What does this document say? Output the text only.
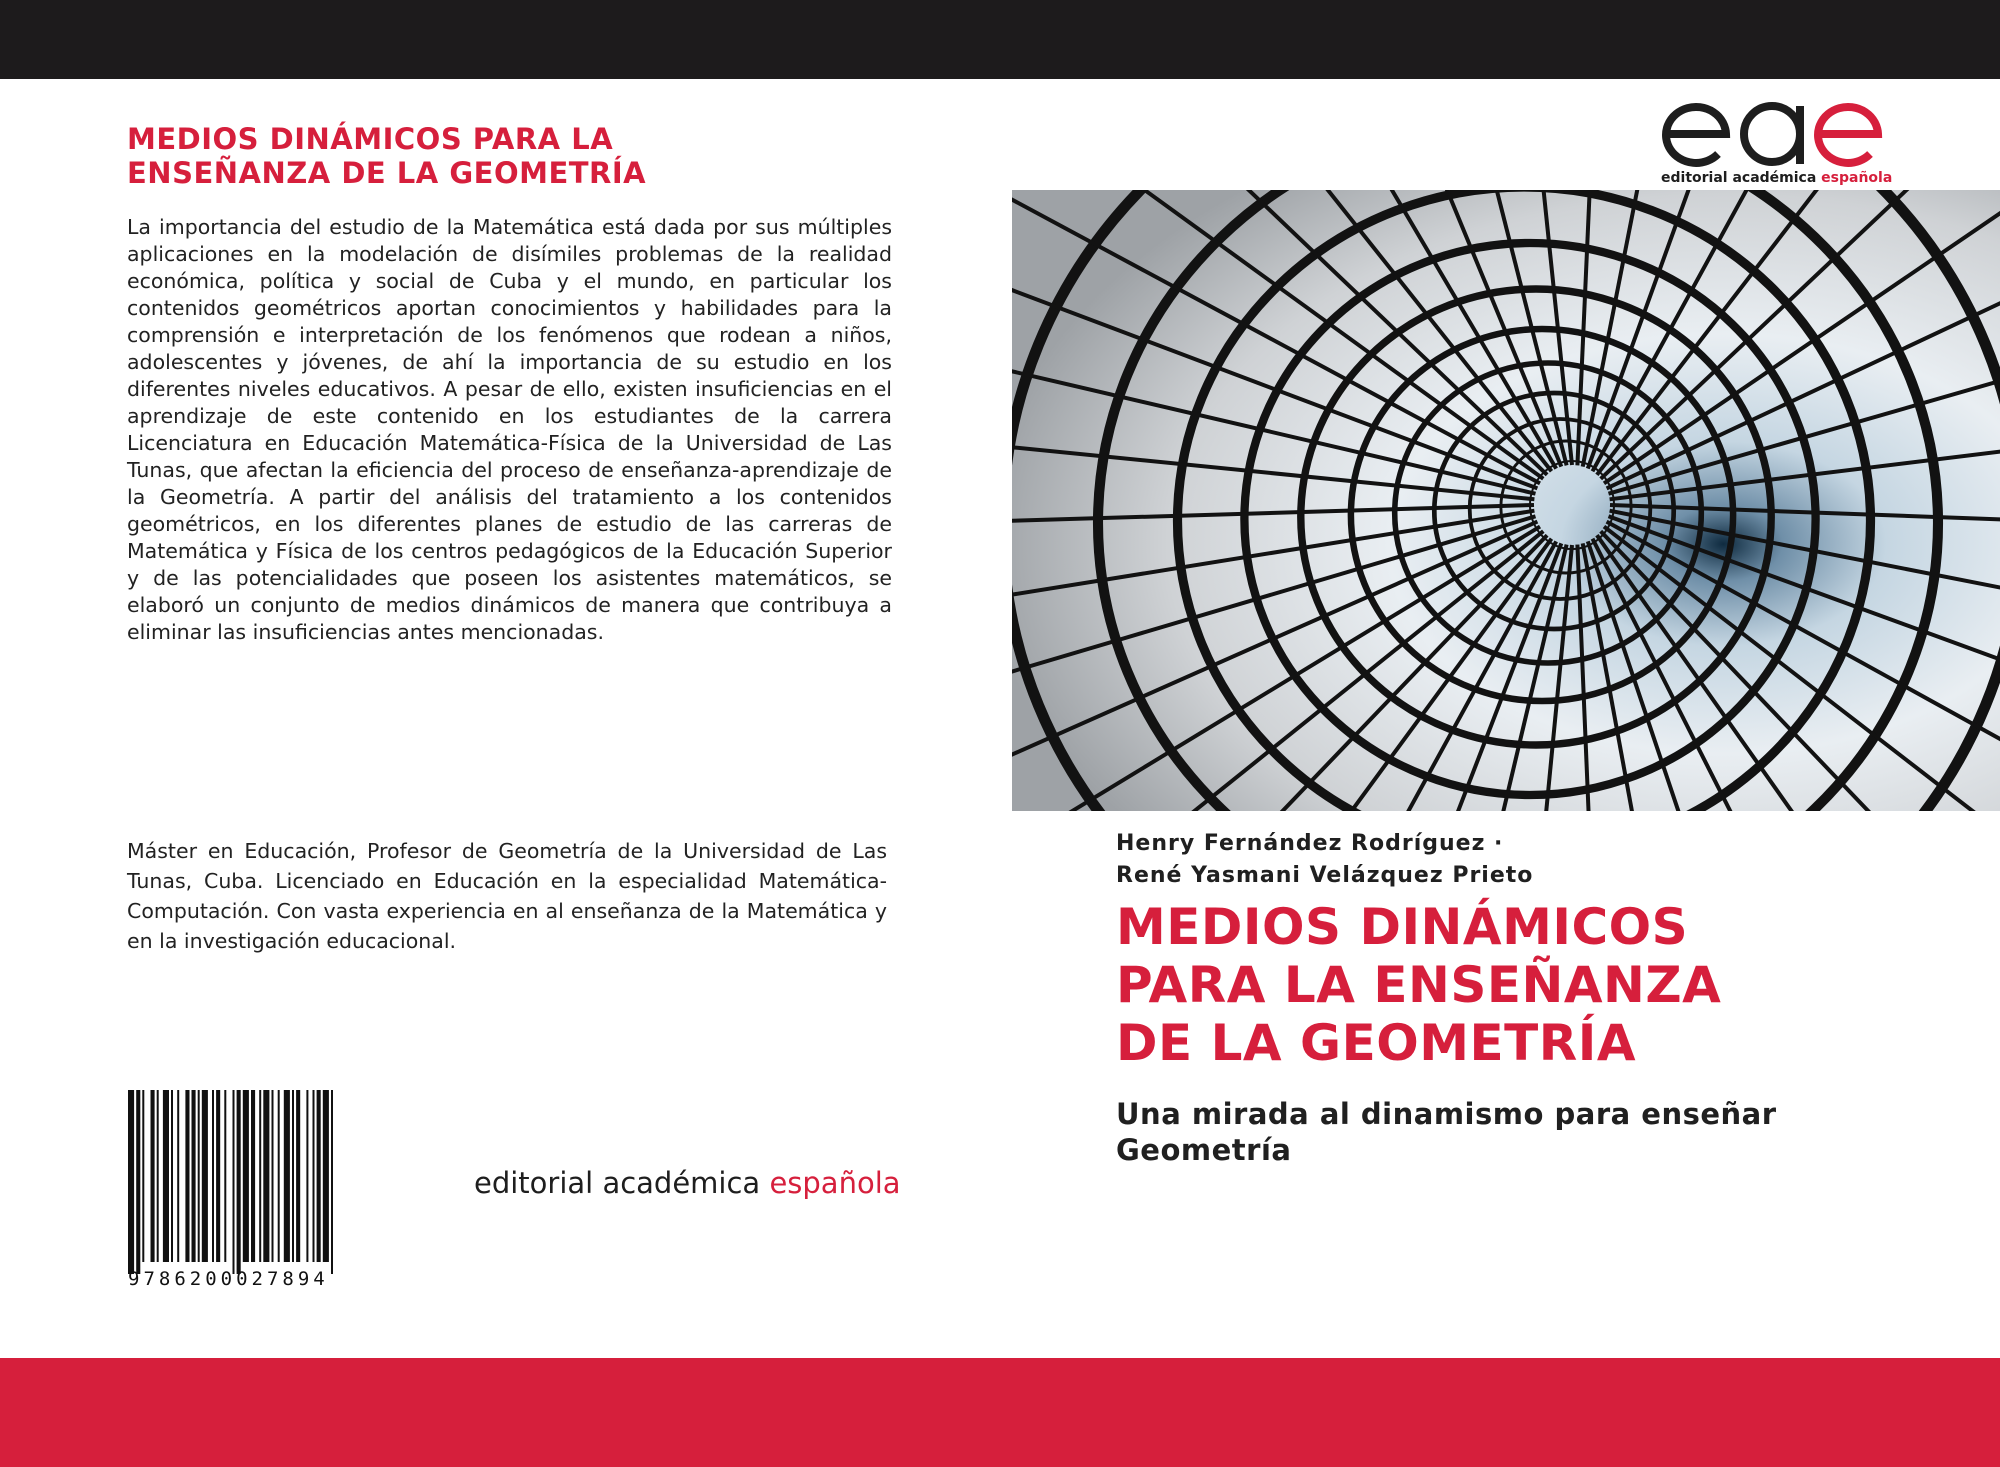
MEDIOS DINÁMICOS PARA LA
ENSEÑANZA DE LA GEOMETRÍA

La importancia del estudio de la Matemática está dada por sus múltiples aplicaciones en la modelación de disímiles problemas de la realidad económica, política y social de Cuba y el mundo, en particular los contenidos geométricos aportan conocimientos y habilidades para la comprensión e interpretación de los fenómenos que rodean a niños, adolescentes y jóvenes, de ahí la importancia de su estudio en los diferentes niveles educativos. A pesar de ello, existen insuficiencias en el aprendizaje de este contenido en los estudiantes de la carrera Licenciatura en Educación Matemática-Física de la Universidad de Las Tunas, que afectan la eficiencia del proceso de enseñanza-aprendizaje de la Geometría. A partir del análisis del tratamiento a los contenidos geométricos, en los diferentes planes de estudio de las carreras de Matemática y Física de los centros pedagógicos de la Educación Superior y de las potencialidades que poseen los asistentes matemáticos, se elaboró un conjunto de medios dinámicos de manera que contribuya a eliminar las insuficiencias antes mencionadas.

Máster en Educación, Profesor de Geometría de la Universidad de Las Tunas, Cuba. Licenciado en Educación en la especialidad Matemática-Computación. Con vasta experiencia en al enseñanza de la Matemática y en la investigación educacional.

9786200027894
editorial académica española
editorial académica española
Henry Fernández Rodríguez ·
René Yasmani Velázquez Prieto
MEDIOS DINÁMICOS
PARA LA ENSEÑANZA
DE LA GEOMETRÍA
Una mirada al dinamismo para enseñar Geometría
